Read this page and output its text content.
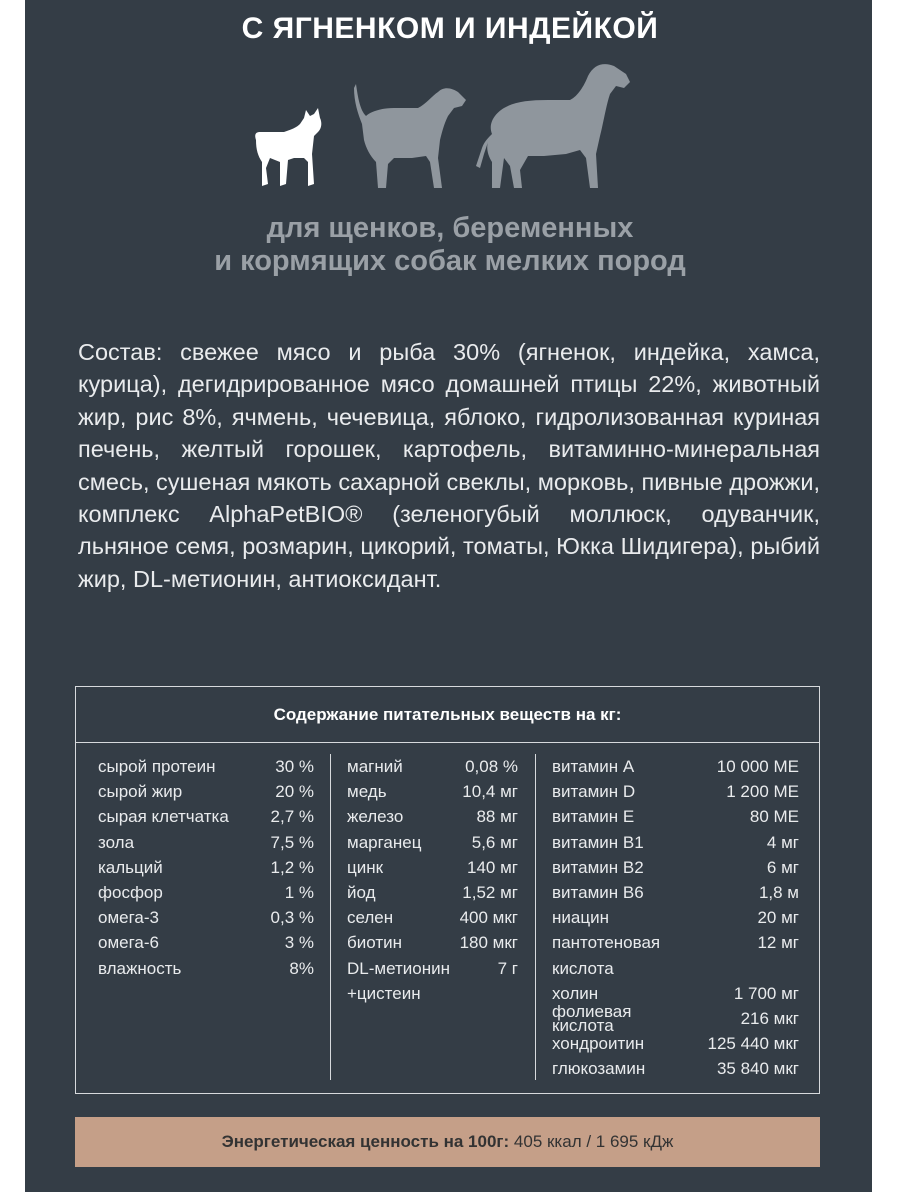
С ЯГНЕНКОМ И ИНДЕЙКОЙ
для щенков, беременных
и кормящих собак мелких пород
Состав: свежее мясо и рыба 30% (ягненок, индейка, хамса, курица), дегидрированное мясо домашней птицы 22%, животный жир, рис 8%, ячмень, чечевица, яблоко, гидролизованная куриная печень, желтый горошек, картофель, витаминно-минеральная смесь, сушеная мякоть сахарной свеклы, морковь, пивные дрожжи, комплекс AlphaPetBIO® (зеленогубый моллюск, одуванчик, льняное семя, розмарин, цикорий, томаты, Юкка Шидигера), рыбий жир, DL-метионин, антиоксидант.
Содержание питательных веществ на кг:
сырой протеин	30 %
сырой жир	20 %
сырая клетчатка 2,7 %
зола	7,5 %
кальций	1,2 %
фосфор	1 %
омега-3	0,3 %
омега-6	3 %
влажность	8%
магний	0,08 %
медь	10,4 мг
железо	88 мг
марганец	5,6 мг
цинк	140 мг
йод	1,52 мг
селен	400 мкг
биотин	180 мкг
DL-метионин	7 г
+цистеин
витамин А	10 000 МЕ
витамин D	1 200 МЕ
витамин Е	80 МЕ
витамин В1	4 мг
витамин В2	6 мг
витамин В6	1,8 м
ниацин	20 мг
пантотеновая	12 мг
кислота
холин	1 700 мг
фолиевая кислота	216 мкг
хондроитин	125 440 мкг
глюкозамин	35 840 мкг
Энергетическая ценность на 100г: 405 ккал / 1 695 кДж
